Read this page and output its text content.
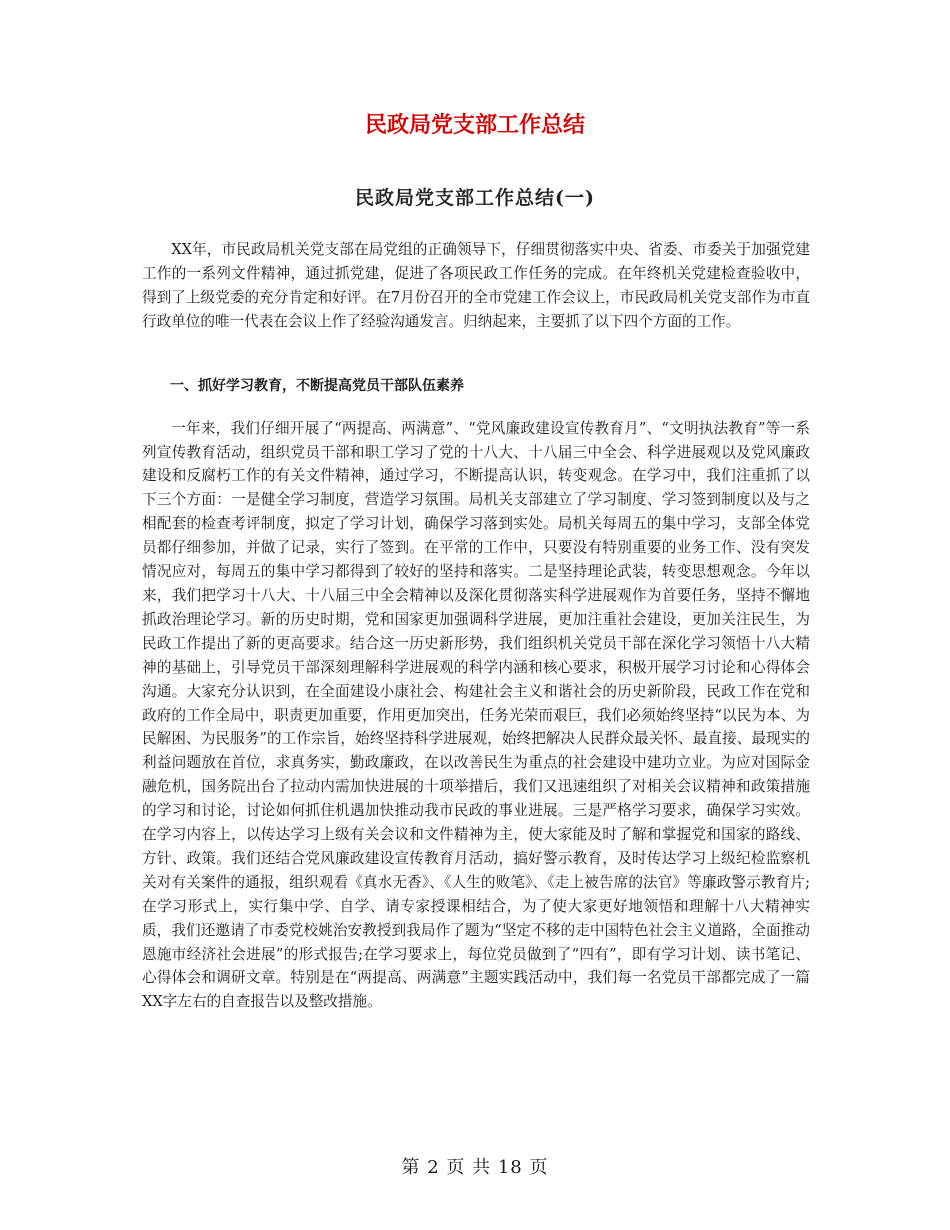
民政局党支部工作总结
民政局党支部工作总结(一)

XX年，市民政局机关党支部在局党组的正确领导下，仔细贯彻落实中央、省委、市委关于加强党建工作的一系列文件精神，通过抓党建，促进了各项民政工作任务的完成。在年终机关党建检查验收中，得到了上级党委的充分肯定和好评。在7月份召开的全市党建工作会议上，市民政局机关党支部作为市直行政单位的唯一代表在会议上作了经验沟通发言。归纳起来，主要抓了以下四个方面的工作。

一、抓好学习教育，不断提高党员干部队伍素养

一年来，我们仔细开展了“两提高、两满意”、“党风廉政建设宣传教育月”、“文明执法教育”等一系列宣传教育活动，组织党员干部和职工学习了党的十八大、十八届三中全会、科学进展观以及党风廉政建设和反腐朽工作的有关文件精神，通过学习，不断提高认识，转变观念。在学习中，我们注重抓了以下三个方面：一是健全学习制度，营造学习氛围。局机关支部建立了学习制度、学习签到制度以及与之相配套的检查考评制度，拟定了学习计划，确保学习落到实处。局机关每周五的集中学习，支部全体党员都仔细参加，并做了记录，实行了签到。在平常的工作中，只要没有特别重要的业务工作、没有突发情况应对，每周五的集中学习都得到了较好的坚持和落实。二是坚持理论武装，转变思想观念。今年以来，我们把学习十八大、十八届三中全会精神以及深化贯彻落实科学进展观作为首要任务，坚持不懈地抓政治理论学习。新的历史时期，党和国家更加强调科学进展，更加注重社会建设，更加关注民生，为民政工作提出了新的更高要求。结合这一历史新形势，我们组织机关党员干部在深化学习领悟十八大精神的基础上，引导党员干部深刻理解科学进展观的科学内涵和核心要求，积极开展学习讨论和心得体会沟通。大家充分认识到，在全面建设小康社会、构建社会主义和谐社会的历史新阶段，民政工作在党和政府的工作全局中，职责更加重要，作用更加突出，任务光荣而艰巨，我们必须始终坚持“以民为本、为民解困、为民服务”的工作宗旨，始终坚持科学进展观，始终把解决人民群众最关怀、最直接、最现实的利益问题放在首位，求真务实，勤政廉政，在以改善民生为重点的社会建设中建功立业。为应对国际金融危机，国务院出台了拉动内需加快进展的十项举措后，我们又迅速组织了对相关会议精神和政策措施的学习和讨论，讨论如何抓住机遇加快推动我市民政的事业进展。三是严格学习要求，确保学习实效。在学习内容上，以传达学习上级有关会议和文件精神为主，使大家能及时了解和掌握党和国家的路线、方针、政策。我们还结合党风廉政建设宣传教育月活动，搞好警示教育，及时传达学习上级纪检监察机关对有关案件的通报，组织观看《真水无香》、《人生的败笔》、《走上被告席的法官》等廉政警示教育片;在学习形式上，实行集中学、自学、请专家授课相结合，为了使大家更好地领悟和理解十八大精神实质，我们还邀请了市委党校姚治安教授到我局作了题为“坚定不移的走中国特色社会主义道路，全面推动恩施市经济社会进展”的形式报告;在学习要求上，每位党员做到了“四有”，即有学习计划、读书笔记、心得体会和调研文章。特别是在“两提高、两满意”主题实践活动中，我们每一名党员干部都完成了一篇XX字左右的自查报告以及整改措施。

第 2 页 共 18 页
